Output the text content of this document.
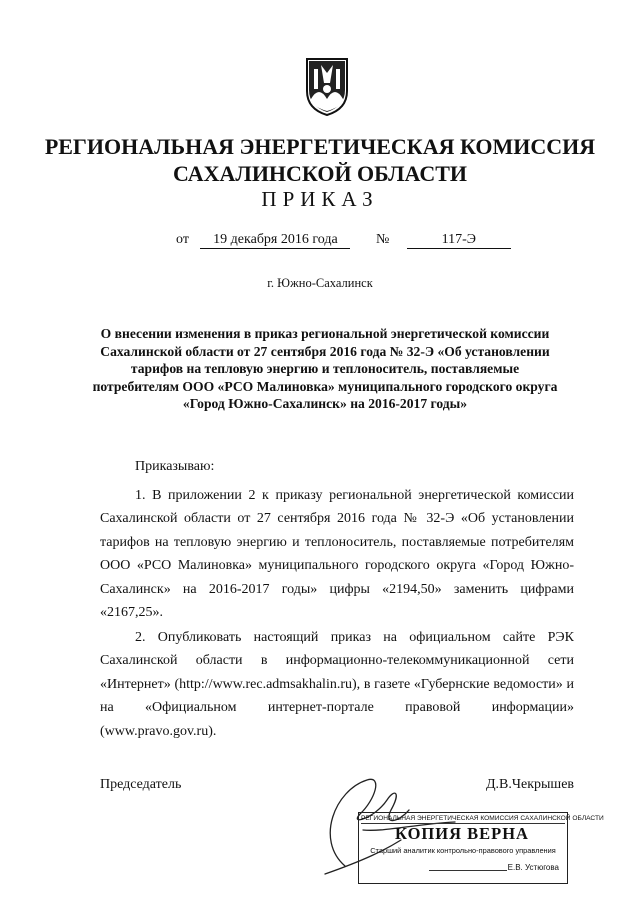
РЕГИОНАЛЬНАЯ ЭНЕРГЕТИЧЕСКАЯ КОМИССИЯ
САХАЛИНСКОЙ ОБЛАСТИ
ПРИКАЗ
от 19 декабря 2016 года	№	117-Э
г. Южно-Сахалинск
О внесении изменения в приказ региональной энергетической комиссии Сахалинской области от 27 сентября 2016 года № 32-Э «Об установлении тарифов на тепловую энергию и теплоноситель, поставляемые потребителям ООО «РСО Малиновка» муниципального городского округа «Город Южно-Сахалинск» на 2016-2017 годы»
Приказываю:
1. В приложении 2 к приказу региональной энергетической комиссии Сахалинской области от 27 сентября 2016 года № 32-Э «Об установлении тарифов на тепловую энергию и теплоноситель, поставляемые потребителям ООО «РСО Малиновка» муниципального городского округа «Город Южно-Сахалинск» на 2016-2017 годы» цифры «2194,50» заменить цифрами «2167,25».
2. Опубликовать настоящий приказ на официальном сайте РЭК Сахалинской области в информационно-телекоммуникационной сети «Интернет» (http://www.rec.admsakhalin.ru), в газете «Губернские ведомости» и на «Официальном интернет-портале правовой информации» (www.pravo.gov.ru).
Председатель	Д.В.Чекрышев
РЕГИОНАЛЬНАЯ ЭНЕРГЕТИЧЕСКАЯ КОМИССИЯ САХАЛИНСКОЙ ОБЛАСТИ
КОПИЯ ВЕРНА
Старший аналитик контрольно-правового управления
Е.В. Устюгова
